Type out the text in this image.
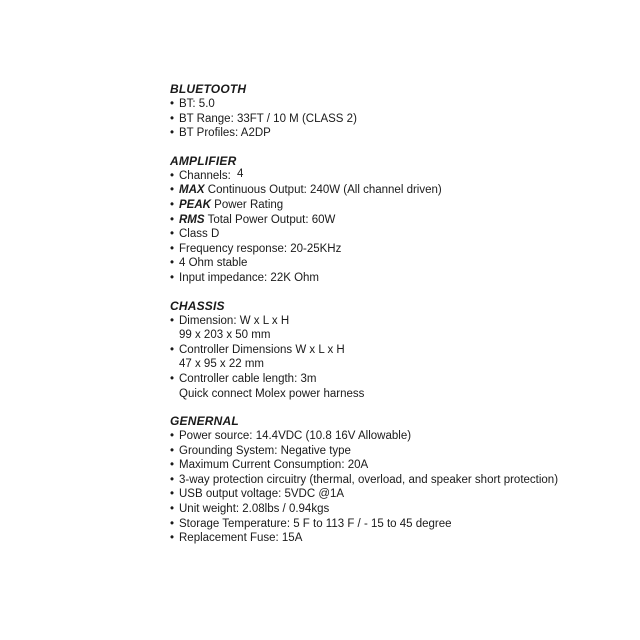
BLUETOOTH
• BT: 5.0
• BT Range: 33FT / 10 M (CLASS 2)
• BT Profiles: A2DP
AMPLIFIER
• Channels: 4
• MAX Continuous Output: 240W (All channel driven)
• PEAK Power Rating
• RMS Total Power Output: 60W
• Class D
• Frequency response: 20-25KHz
• 4 Ohm stable
• Input impedance: 22K Ohm
CHASSIS
• Dimension: W x L x H
99 x 203 x 50 mm
• Controller Dimensions W x L x H
47 x 95 x 22 mm
• Controller cable length: 3m
Quick connect Molex power harness
GENERNAL
• Power source: 14.4VDC (10.8 16V Allowable)
• Grounding System: Negative type
• Maximum Current Consumption: 20A
• 3-way protection circuitry (thermal, overload, and speaker short protection)
• USB output voltage: 5VDC @1A
• Unit weight: 2.08lbs / 0.94kgs
• Storage Temperature: 5 F to 113 F / - 15 to 45 degree
• Replacement Fuse: 15A
